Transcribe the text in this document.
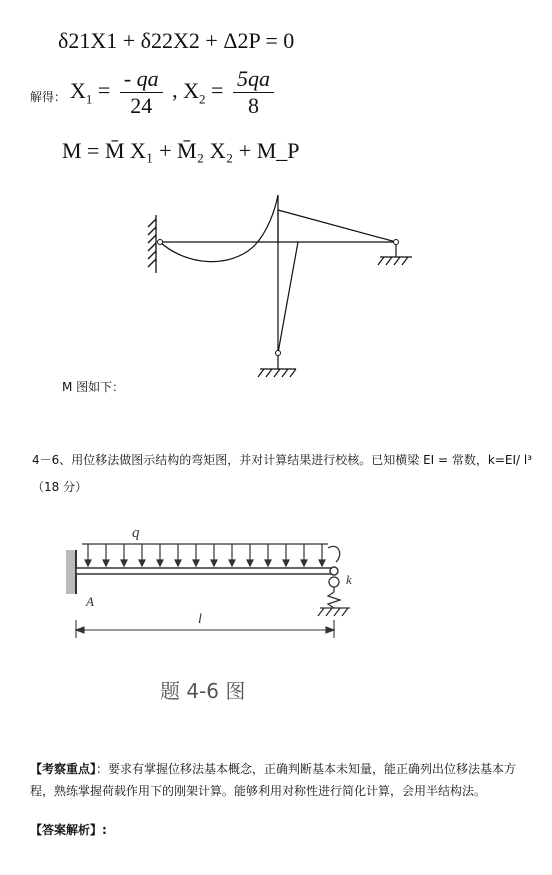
δ21X1 + δ22X2 + Δ2P = 0
解得： $X_1 = \frac{- qa}{24}$ , $X_2 = \frac{5qa}{8}$
M = M̄ X₁ + M̄₂ X₂ + M_P
M 图如下：
4－6、用位移法做图示结构的弯矩图，并对计算结果进行校核。已知横梁 EI = 常数，k=EI/ l³
（18 分）
q
A
k
l
题 4-6 图
【考察重点】：要求有掌握位移法基本概念，正确判断基本未知量，能正确列出位移法基本方程，熟练掌握荷载作用下的刚架计算。能够利用对称性进行简化计算，会用半结构法。
【答案解析】:
